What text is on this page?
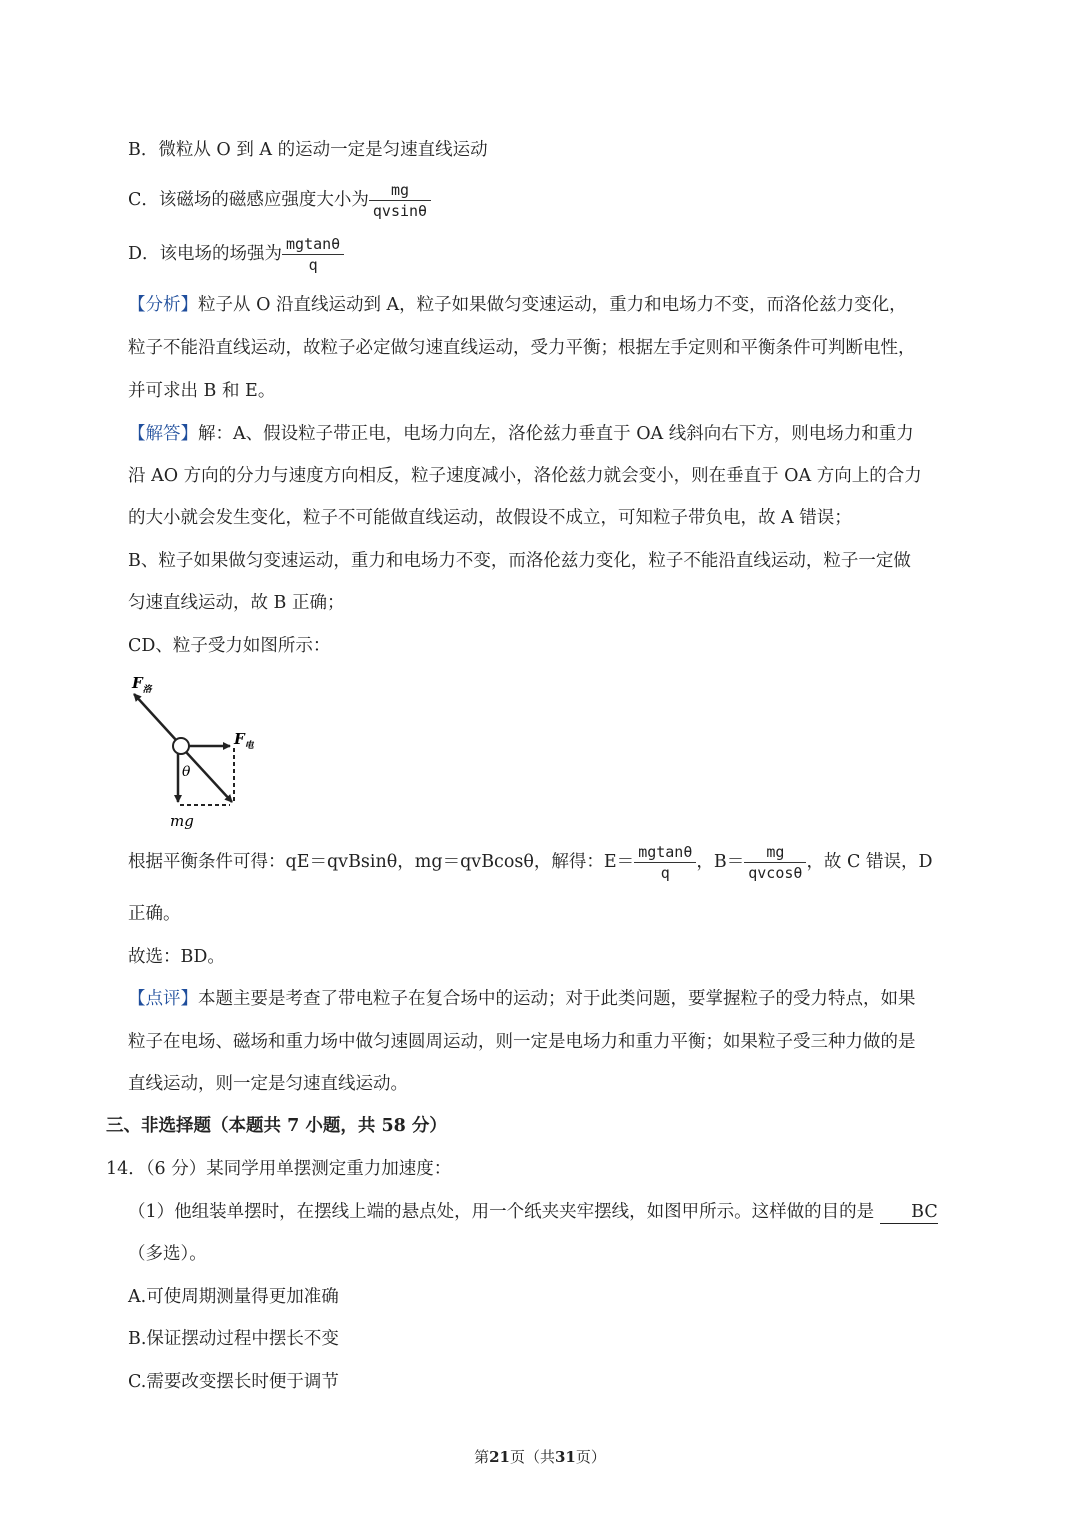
B．微粒从 O 到 A 的运动一定是匀速直线运动
C．该磁场的磁感应强度大小为 $\frac{mg}{qvsin\theta}$
D．该电场的场强为 $\frac{mgtan\theta}{q}$
【分析】粒子从 O 沿直线运动到 A，粒子如果做匀变速运动，重力和电场力不变，而洛伦兹力变化，
粒子不能沿直线运动，故粒子必定做匀速直线运动，受力平衡；根据左手定则和平衡条件可判断电性，
并可求出 B 和 E。
【解答】解：A、假设粒子带正电，电场力向左，洛伦兹力垂直于 OA 线斜向右下方，则电场力和重力
沿 AO 方向的分力与速度方向相反，粒子速度减小，洛伦兹力就会变小，则在垂直于 OA 方向上的合力
的大小就会发生变化，粒子不可能做直线运动，故假设不成立，可知粒子带负电，故 A 错误；
B、粒子如果做匀变速运动，重力和电场力不变，而洛伦兹力变化，粒子不能沿直线运动，粒子一定做
匀速直线运动，故 B 正确；
CD、粒子受力如图所示：
$F_洛$
$F_电$
θ
mg
根据平衡条件可得：qE＝qvBsinθ，mg＝qvBcosθ，解得：$E= \frac{mgtan\theta}{q}$ ，$B= \frac{mg}{qvcos\theta}$ ，故 C 错误，D
正确。
故选：BD。
【点评】本题主要是考查了带电粒子在复合场中的运动；对于此类问题，要掌握粒子的受力特点，如果
粒子在电场、磁场和重力场中做匀速圆周运动，则一定是电场力和重力平衡；如果粒子受三种力做的是
直线运动，则一定是匀速直线运动。
三、非选择题（本题共 7 小题，共 58 分）
14．（6 分）某同学用单摆测定重力加速度：
（1）他组装单摆时，在摆线上端的悬点处，用一个纸夹夹牢摆线，如图甲所示。这样做的目的是 BC
（多选）。
A.可使周期测量得更加准确
B.保证摆动过程中摆长不变
C.需要改变摆长时便于调节
第21页（共31页）
